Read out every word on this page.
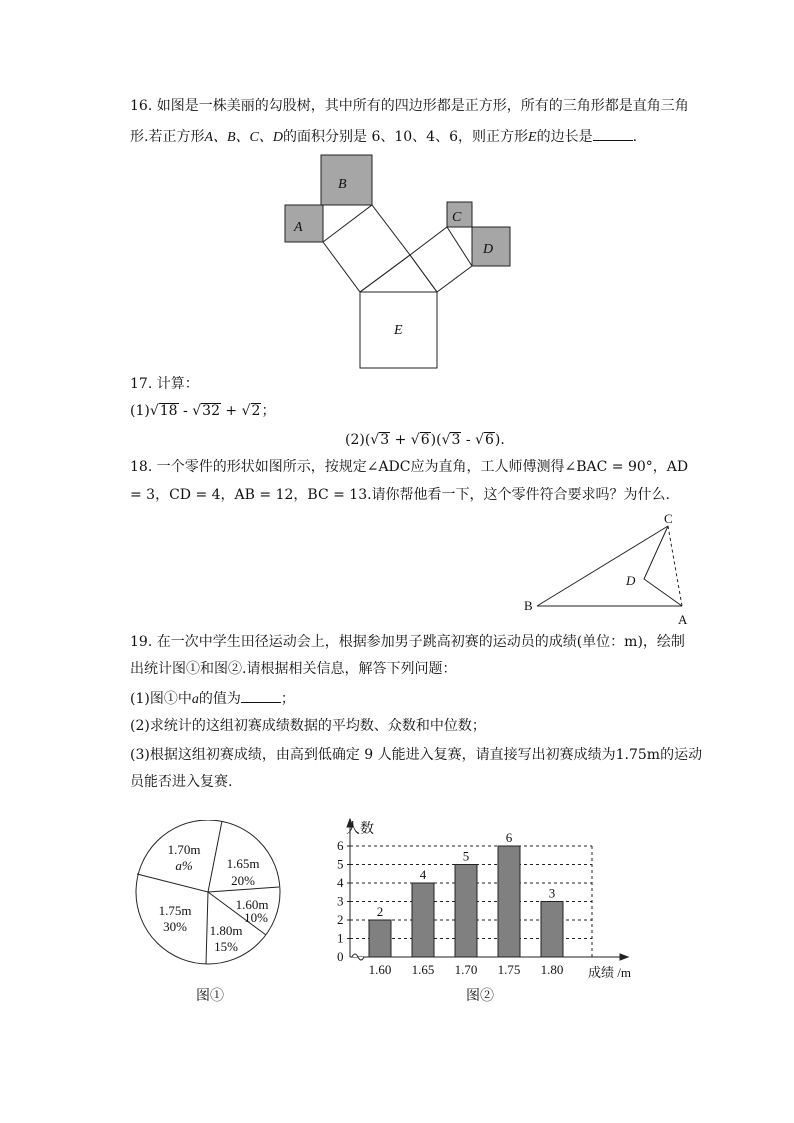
16. 如图是一株美丽的勾股树，其中所有的四边形都是正方形，所有的三角形都是直角三角
形.若正方形A、B、C、D的面积分别是 6、10、4、6，则正方形E的边长是	.
B
A
C
D
E
17. 计算：
(1)√18 - √32 + √2；
(2)(√3 + √6)(√3 - √6).
18. 一个零件的形状如图所示，按规定∠ADC应为直角，工人师傅测得∠BAC = 90°，AD
= 3，CD = 4，AB = 12，BC = 13.请你帮他看一下，这个零件符合要求吗？为什么.
B
A
C
D
19. 在一次中学生田径运动会上，根据参加男子跳高初赛的运动员的成绩(单位：m)，绘制
出统计图①和图②.请根据相关信息，解答下列问题：
(1)图①中a的值为	；
(2)求统计的这组初赛成绩数据的平均数、众数和中位数；
(3)根据这组初赛成绩，由高到低确定 9 人能进入复赛，请直接写出初赛成绩为1.75m的运动
员能否进入复赛.
1.70m
a%	1.65m
20%
1.60m
10%
1.80m
15%
1.75m
30%
图①
0
1
2
3
4
5
6
2
1.60
4
1.65
5
1.70
6
1.75
3
1.80
人数
成绩 /m
图②
